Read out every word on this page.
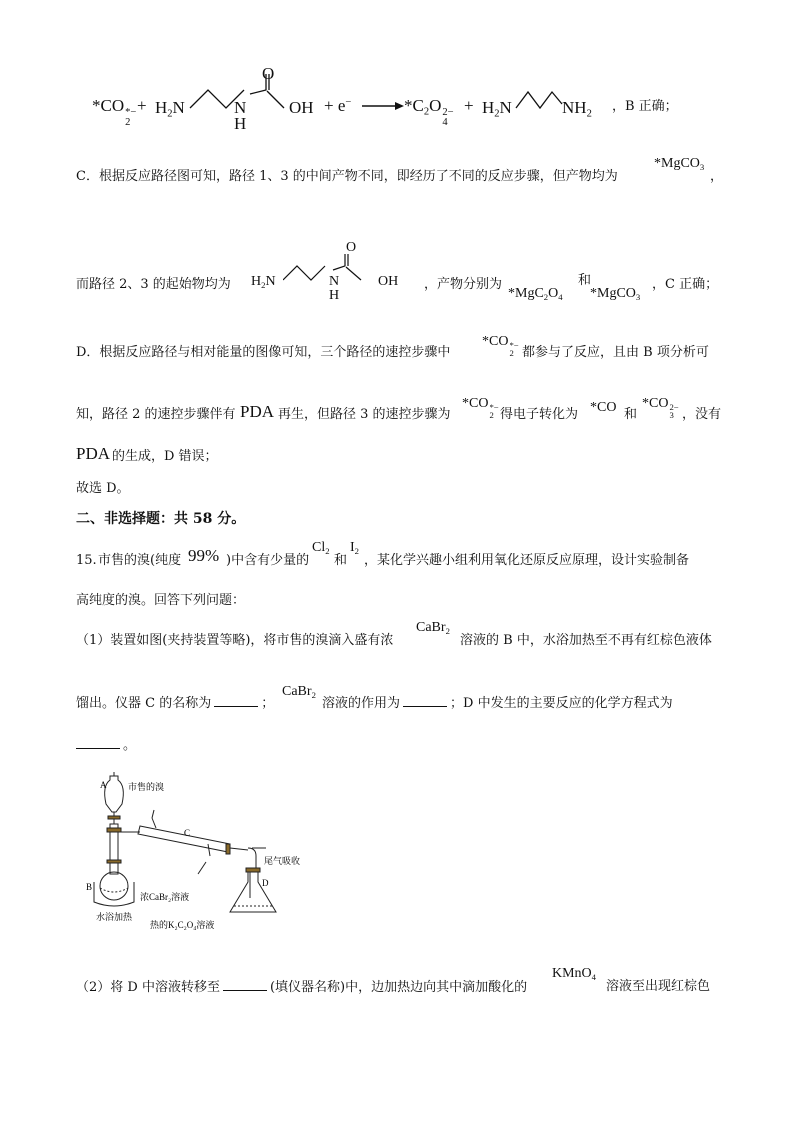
*CO *−
2
+ $H_2N$	N
H
O
OH + $e^- \to *C_2O$ 2−
4
+ $H_2N$	$NH_2$
，B 正确；
C．根据反应路径图可知，路径 1、3 的中间产物不同，即经历了不同的反应步骤，但产物均为
*MgCO$_3$
，
而路径 2、3 的起始物均为 $H_2N$	N
H
O
OH ，产物分别为
$*MgC_2O_4$
和
*MgCO$_3$
，C 正确；
D．根据反应路径与相对能量的图像可知，三个路径的速控步骤中
*CO *−
2 都参与了反应，且由 B 项分析可
知，路径 2 的速控步骤伴有 PDA 再生，但路径 3 的速控步骤为
*CO *−
2 得电子转化为 *CO 和
*CO 2−
3 ，没有
PDA 的生成，D 错误；
故选 D。
二、非选择题：共 58 分。
15. 市售的溴(纯度 99% )中含有少量的
$Cl_2$
和
$I_2$
，某化学兴趣小组利用氧化还原反应原理，设计实验制备
高纯度的溴。回答下列问题：
（1）装置如图(夹持装置等略)，将市售的溴滴入盛有浓
CaBr$_2$
溶液的 B 中，水浴加热至不再有红棕色液体
馏出。仪器 C 的名称为	；
CaBr$_2$
溶液的作用为	；D 中发生的主要反应的化学方程式为
。
A
B
C
D
市售的溴
尾气吸收
浓CaBr₂溶液
水浴加热
热的K₂C₂O₄溶液
（2）将 D 中溶液转移至	(填仪器名称)中，边加热边向其中滴加酸化的
KMnO$_4$
溶液至出现红棕色
